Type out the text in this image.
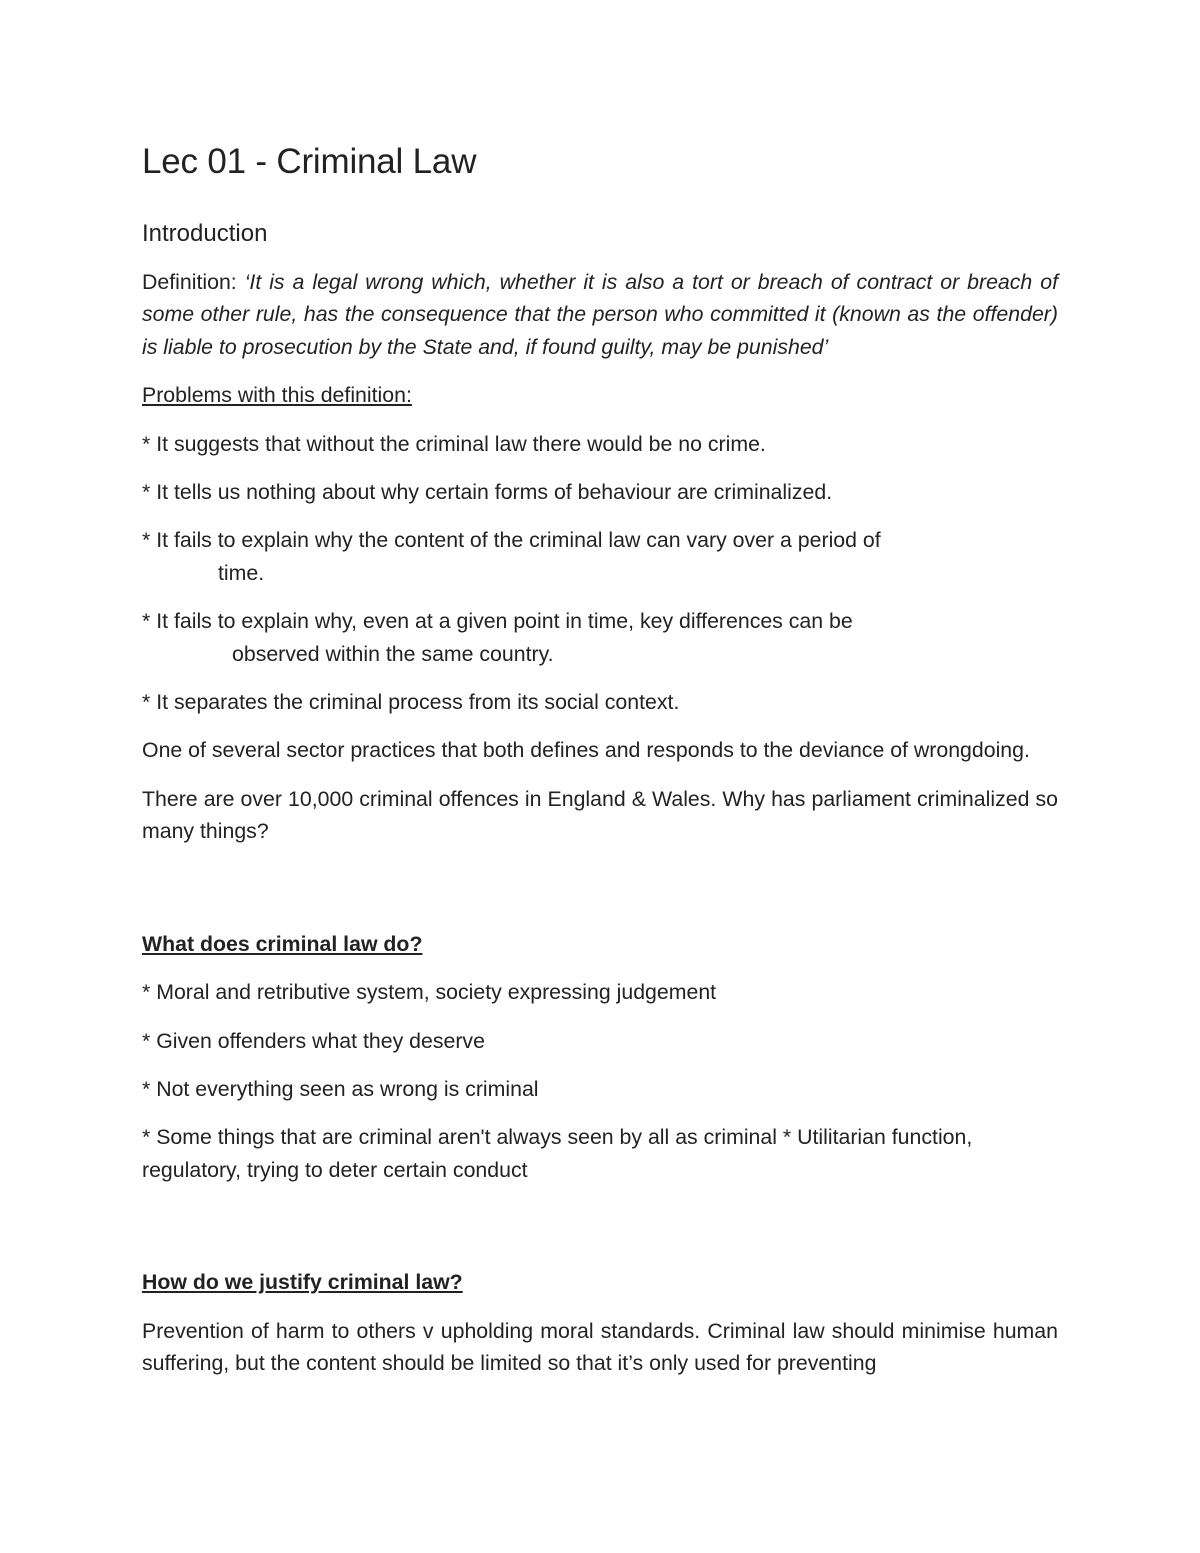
Lec 01 - Criminal Law
Introduction

Definition: ‘It is a legal wrong which, whether it is also a tort or breach of contract or breach of some other rule, has the consequence that the person who committed it (known as the offender) is liable to prosecution by the State and, if found guilty, may be punished’

Problems with this definition:

* It suggests that without the criminal law there would be no crime.

* It tells us nothing about why certain forms of behaviour are criminalized.

* It fails to explain why the content of the criminal law can vary over a period of

time.

* It fails to explain why, even at a given point in time, key differences can be

observed within the same country.

* It separates the criminal process from its social context.

One of several sector practices that both defines and responds to the deviance of wrongdoing.

There are over 10,000 criminal offences in England & Wales. Why has parliament criminalized so many things?

What does criminal law do?

* Moral and retributive system, society expressing judgement

* Given offenders what they deserve

* Not everything seen as wrong is criminal

* Some things that are criminal aren't always seen by all as criminal * Utilitarian function, regulatory, trying to deter certain conduct

How do we justify criminal law?

Prevention of harm to others v upholding moral standards. Criminal law should minimise human suffering, but the content should be limited so that it’s only used for preventing
